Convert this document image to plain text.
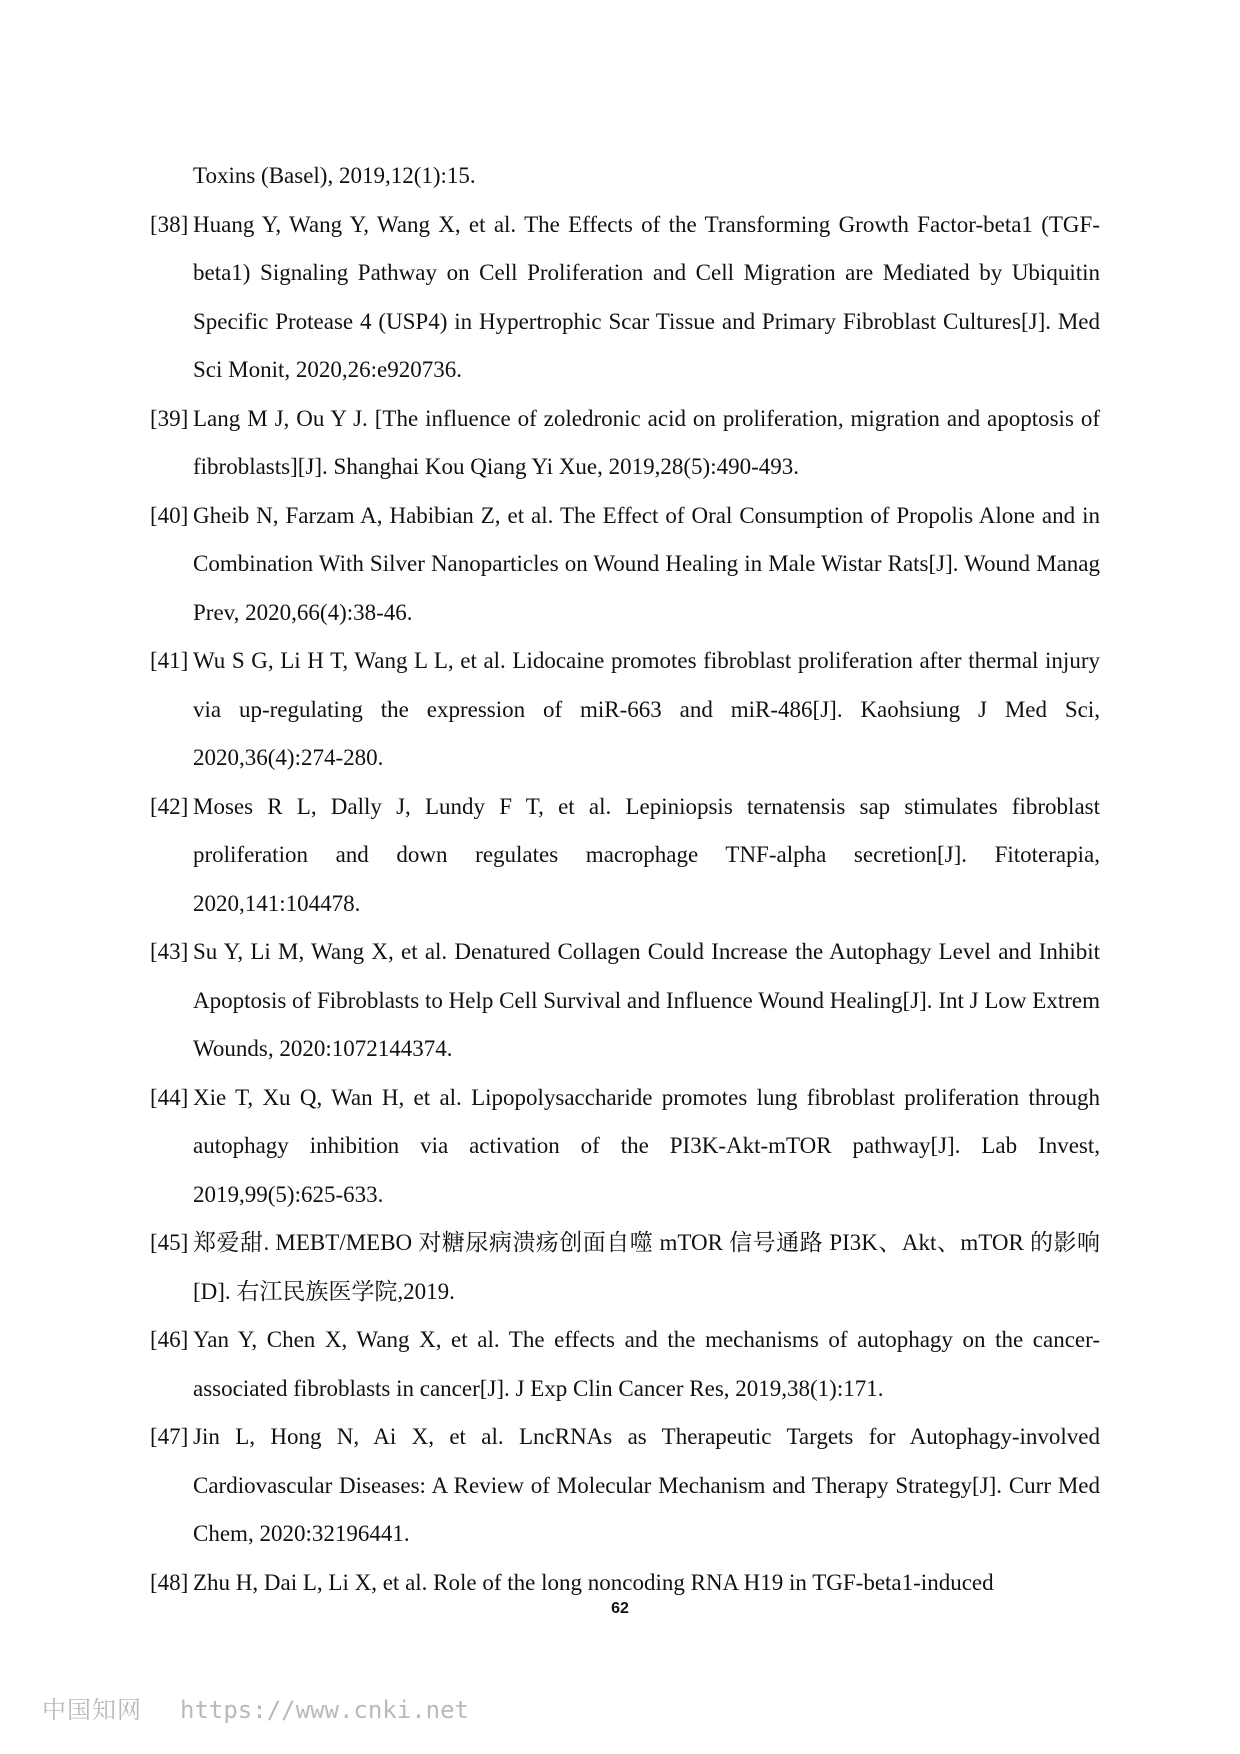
Toxins (Basel), 2019,12(1):15.

[38] Huang Y, Wang Y, Wang X, et al. The Effects of the Transforming Growth Factor-beta1 (TGF-beta1) Signaling Pathway on Cell Proliferation and Cell Migration are Mediated by Ubiquitin Specific Protease 4 (USP4) in Hypertrophic Scar Tissue and Primary Fibroblast Cultures[J]. Med Sci Monit, 2020,26:e920736.

[39] Lang M J, Ou Y J. [The influence of zoledronic acid on proliferation, migration and apoptosis of fibroblasts][J]. Shanghai Kou Qiang Yi Xue, 2019,28(5):490-493.

[40] Gheib N, Farzam A, Habibian Z, et al. The Effect of Oral Consumption of Propolis Alone and in Combination With Silver Nanoparticles on Wound Healing in Male Wistar Rats[J]. Wound Manag Prev, 2020,66(4):38-46.

[41] Wu S G, Li H T, Wang L L, et al. Lidocaine promotes fibroblast proliferation after thermal injury via up-regulating the expression of miR-663 and miR-486[J]. Kaohsiung J Med Sci, 2020,36(4):274-280.

[42] Moses R L, Dally J, Lundy F T, et al. Lepiniopsis ternatensis sap stimulates fibroblast proliferation and down regulates macrophage TNF-alpha secretion[J]. Fitoterapia, 2020,141:104478.

[43] Su Y, Li M, Wang X, et al. Denatured Collagen Could Increase the Autophagy Level and Inhibit Apoptosis of Fibroblasts to Help Cell Survival and Influence Wound Healing[J]. Int J Low Extrem Wounds, 2020:1072144374.

[44] Xie T, Xu Q, Wan H, et al. Lipopolysaccharide promotes lung fibroblast proliferation through autophagy inhibition via activation of the PI3K-Akt-mTOR pathway[J]. Lab Invest, 2019,99(5):625-633.

[45] 郑爱甜. MEBT/MEBO 对糖尿病溃疡创面自噬 mTOR 信号通路 PI3K、Akt、mTOR 的影响[D]. 右江民族医学院,2019.

[46] Yan Y, Chen X, Wang X, et al. The effects and the mechanisms of autophagy on the cancer-associated fibroblasts in cancer[J]. J Exp Clin Cancer Res, 2019,38(1):171.

[47] Jin L, Hong N, Ai X, et al. LncRNAs as Therapeutic Targets for Autophagy-involved Cardiovascular Diseases: A Review of Molecular Mechanism and Therapy Strategy[J]. Curr Med Chem, 2020:32196441.

[48] Zhu H, Dai L, Li X, et al. Role of the long noncoding RNA H19 in TGF-beta1-induced

62
中国知网 https://www.cnki.net
